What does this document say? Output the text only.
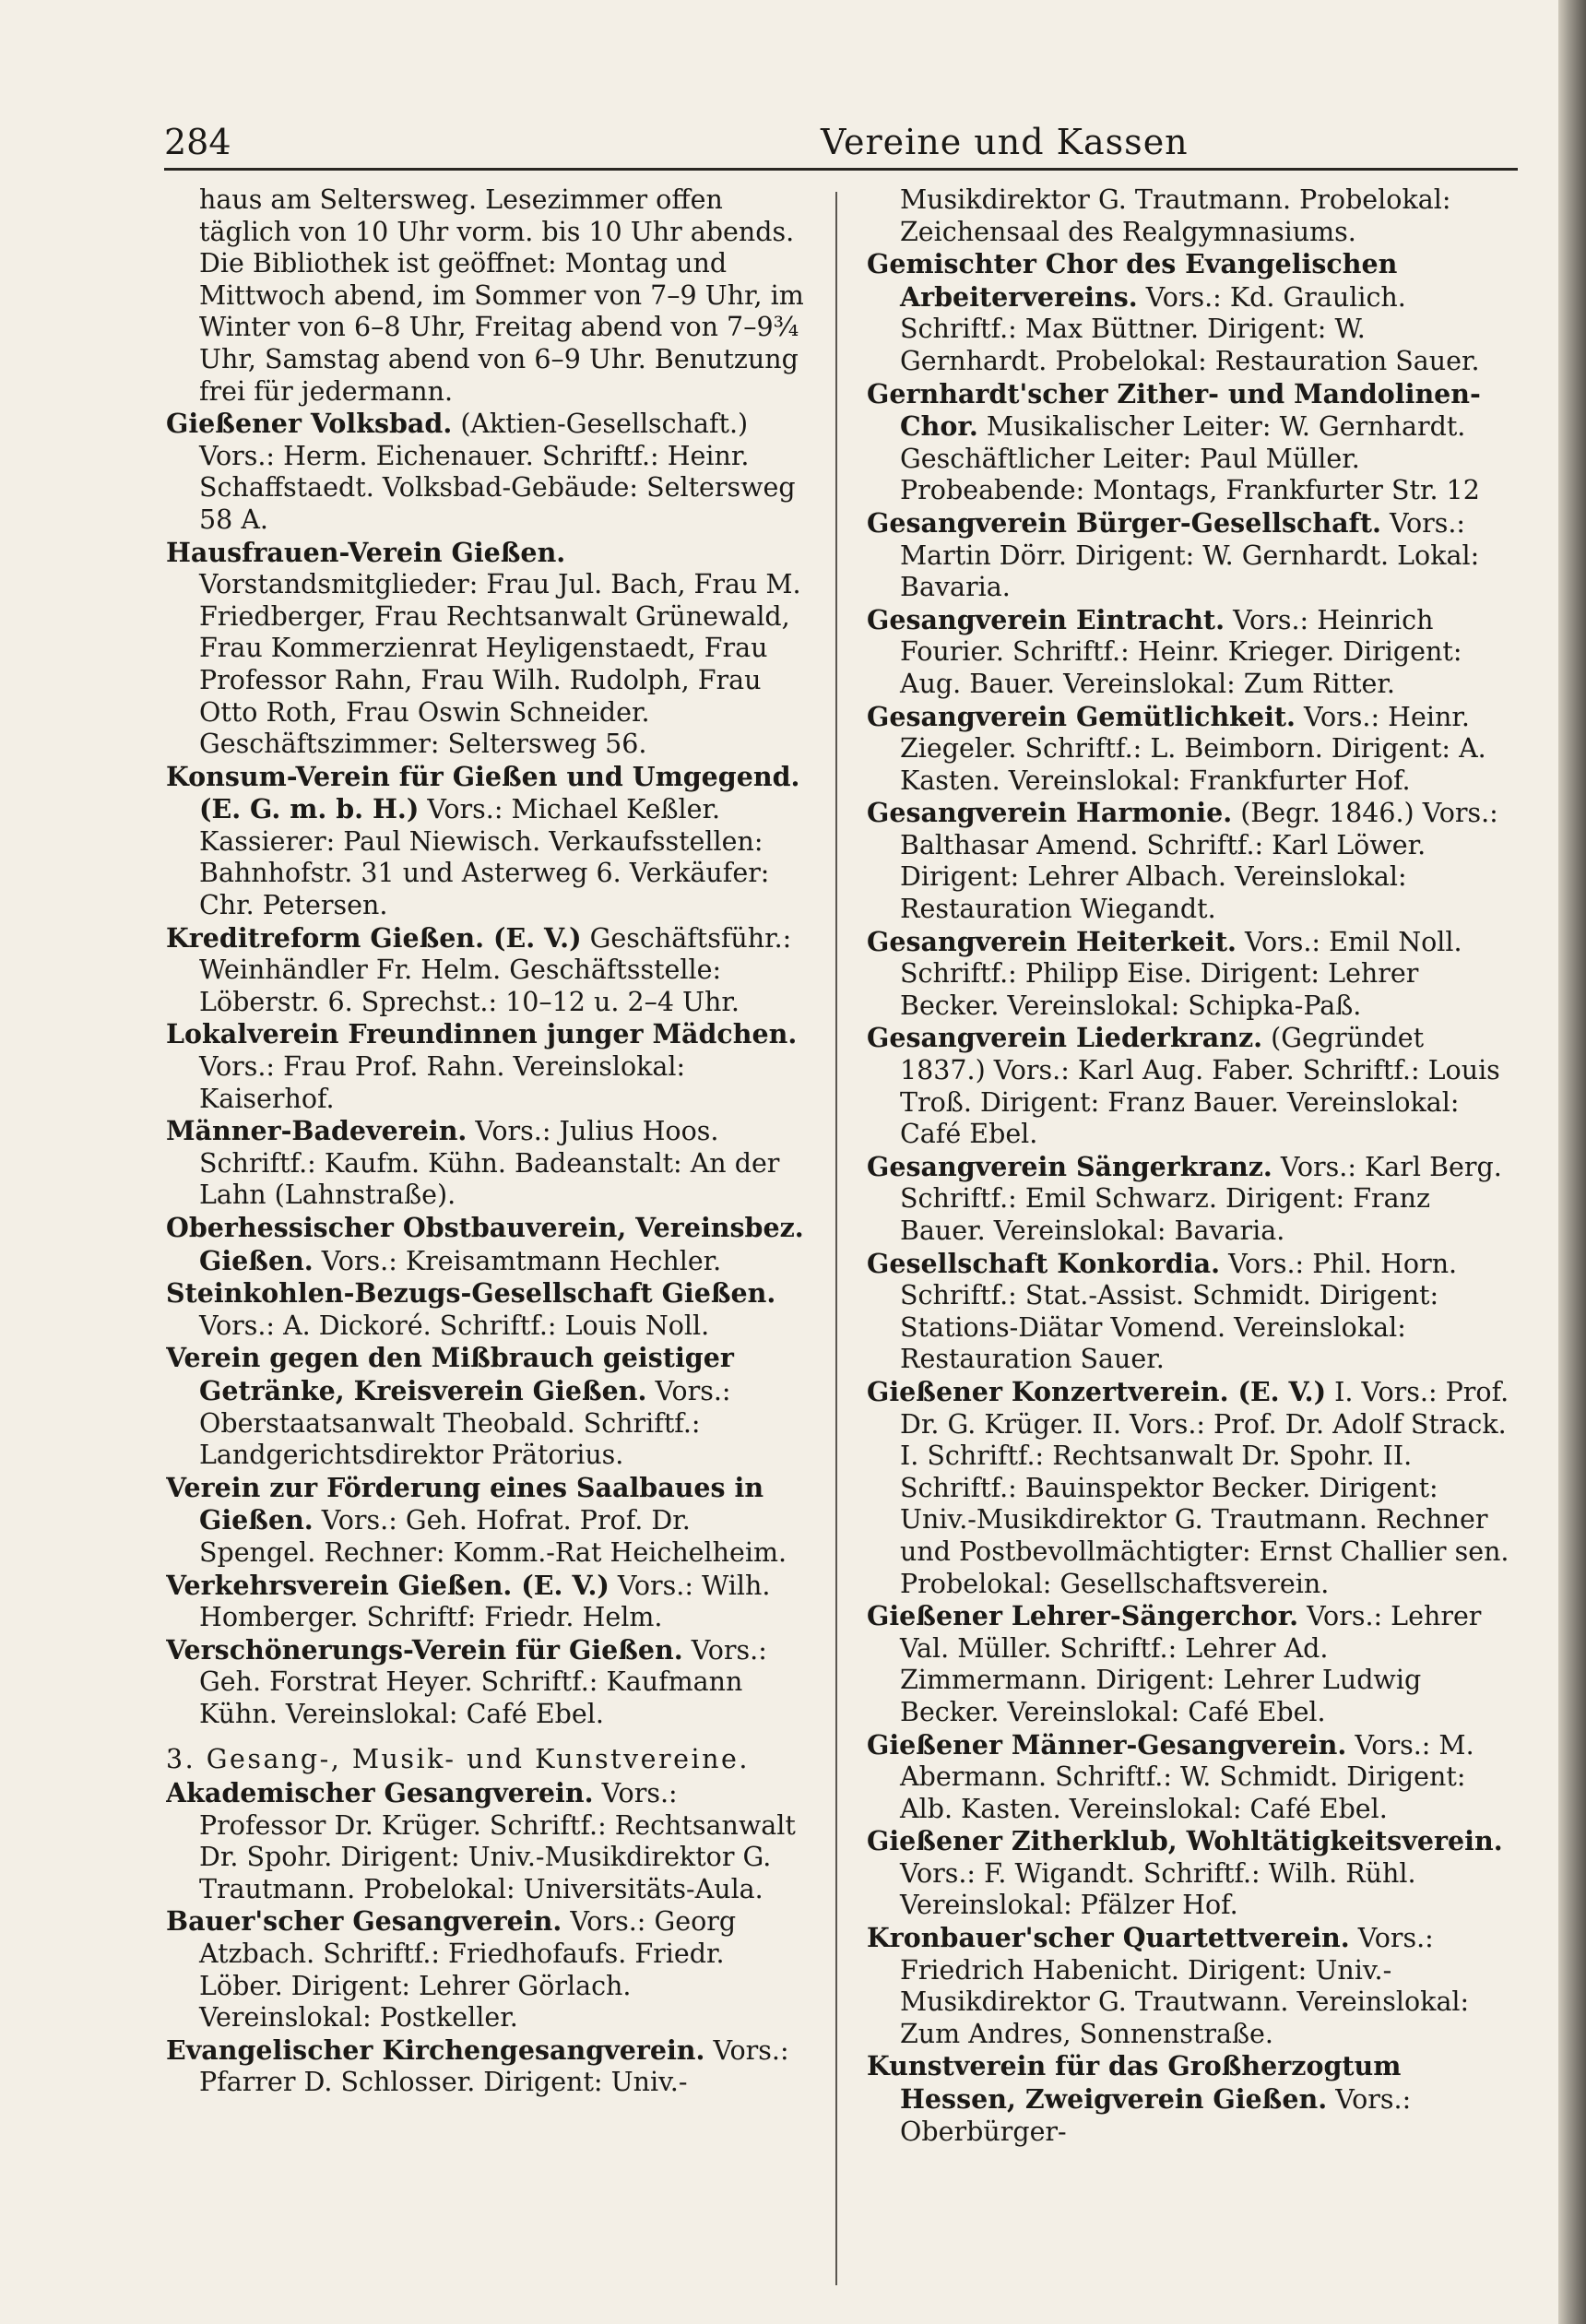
284	Vereine und Kassen

haus am Seltersweg. Lesezimmer offen täglich von 10 Uhr vorm. bis 10 Uhr abends. Die Bibliothek ist geöffnet: Montag und Mittwoch abend, im Sommer von 7–9 Uhr, im Winter von 6–8 Uhr, Freitag abend von 7–9¾ Uhr, Samstag abend von 6–9 Uhr. Benutzung frei für jedermann.

Gießener Volksbad. (Aktien-Gesellschaft.) Vors.: Herm. Eichenauer. Schriftf.: Heinr. Schaffstaedt. Volksbad-Gebäude: Seltersweg 58 A.

Hausfrauen-Verein Gießen. Vorstandsmitglieder: Frau Jul. Bach, Frau M. Friedberger, Frau Rechtsanwalt Grünewald, Frau Kommerzienrat Heyligenstaedt, Frau Professor Rahn, Frau Wilh. Rudolph, Frau Otto Roth, Frau Oswin Schneider. Geschäftszimmer: Seltersweg 56.

Konsum-Verein für Gießen und Umgegend. (E. G. m. b. H.) Vors.: Michael Keßler. Kassierer: Paul Niewisch. Verkaufsstellen: Bahnhofstr. 31 und Asterweg 6. Verkäufer: Chr. Petersen.

Kreditreform Gießen. (E. V.) Geschäftsführ.: Weinhändler Fr. Helm. Geschäftsstelle: Löberstr. 6. Sprechst.: 10–12 u. 2–4 Uhr.

Lokalverein Freundinnen junger Mädchen. Vors.: Frau Prof. Rahn. Vereinslokal: Kaiserhof.

Männer-Badeverein. Vors.: Julius Hoos. Schriftf.: Kaufm. Kühn. Badeanstalt: An der Lahn (Lahnstraße).

Oberhessischer Obstbauverein, Vereinsbez. Gießen. Vors.: Kreisamtmann Hechler.

Steinkohlen-Bezugs-Gesellschaft Gießen. Vors.: A. Dickoré. Schriftf.: Louis Noll.

Verein gegen den Mißbrauch geistiger Getränke, Kreisverein Gießen. Vors.: Oberstaatsanwalt Theobald. Schriftf.: Landgerichtsdirektor Prätorius.

Verein zur Förderung eines Saalbaues in Gießen. Vors.: Geh. Hofrat. Prof. Dr. Spengel. Rechner: Komm.-Rat Heichelheim.

Verkehrsverein Gießen. (E. V.) Vors.: Wilh. Homberger. Schriftf: Friedr. Helm.

Verschönerungs-Verein für Gießen. Vors.: Geh. Forstrat Heyer. Schriftf.: Kaufmann Kühn. Vereinslokal: Café Ebel.

3. Gesang-, Musik- und Kunstvereine.

Akademischer Gesangverein. Vors.: Professor Dr. Krüger. Schriftf.: Rechtsanwalt Dr. Spohr. Dirigent: Univ.-Musikdirektor G. Trautmann. Probelokal: Universitäts-Aula.

Bauer'scher Gesangverein. Vors.: Georg Atzbach. Schriftf.: Friedhofaufs. Friedr. Löber. Dirigent: Lehrer Görlach. Vereinslokal: Postkeller.

Evangelischer Kirchengesangverein. Vors.: Pfarrer D. Schlosser. Dirigent: Univ.-

Musikdirektor G. Trautmann. Probelokal: Zeichensaal des Realgymnasiums.

Gemischter Chor des Evangelischen Arbeitervereins. Vors.: Kd. Graulich. Schriftf.: Max Büttner. Dirigent: W. Gernhardt. Probelokal: Restauration Sauer.

Gernhardt'scher Zither- und Mandolinen-Chor. Musikalischer Leiter: W. Gernhardt. Geschäftlicher Leiter: Paul Müller. Probeabende: Montags, Frankfurter Str. 12

Gesangverein Bürger-Gesellschaft. Vors.: Martin Dörr. Dirigent: W. Gernhardt. Lokal: Bavaria.

Gesangverein Eintracht. Vors.: Heinrich Fourier. Schriftf.: Heinr. Krieger. Dirigent: Aug. Bauer. Vereinslokal: Zum Ritter.

Gesangverein Gemütlichkeit. Vors.: Heinr. Ziegeler. Schriftf.: L. Beimborn. Dirigent: A. Kasten. Vereinslokal: Frankfurter Hof.

Gesangverein Harmonie. (Begr. 1846.) Vors.: Balthasar Amend. Schriftf.: Karl Löwer. Dirigent: Lehrer Albach. Vereinslokal: Restauration Wiegandt.

Gesangverein Heiterkeit. Vors.: Emil Noll. Schriftf.: Philipp Eise. Dirigent: Lehrer Becker. Vereinslokal: Schipka-Paß.

Gesangverein Liederkranz. (Gegründet 1837.) Vors.: Karl Aug. Faber. Schriftf.: Louis Troß. Dirigent: Franz Bauer. Vereinslokal: Café Ebel.

Gesangverein Sängerkranz. Vors.: Karl Berg. Schriftf.: Emil Schwarz. Dirigent: Franz Bauer. Vereinslokal: Bavaria.

Gesellschaft Konkordia. Vors.: Phil. Horn. Schriftf.: Stat.-Assist. Schmidt. Dirigent: Stations-Diätar Vomend. Vereinslokal: Restauration Sauer.

Gießener Konzertverein. (E. V.) I. Vors.: Prof. Dr. G. Krüger. II. Vors.: Prof. Dr. Adolf Strack. I. Schriftf.: Rechtsanwalt Dr. Spohr. II. Schriftf.: Bauinspektor Becker. Dirigent: Univ.-Musikdirektor G. Trautmann. Rechner und Postbevollmächtigter: Ernst Challier sen. Probelokal: Gesellschaftsverein.

Gießener Lehrer-Sängerchor. Vors.: Lehrer Val. Müller. Schriftf.: Lehrer Ad. Zimmermann. Dirigent: Lehrer Ludwig Becker. Vereinslokal: Café Ebel.

Gießener Männer-Gesangverein. Vors.: M. Abermann. Schriftf.: W. Schmidt. Dirigent: Alb. Kasten. Vereinslokal: Café Ebel.

Gießener Zitherklub, Wohltätigkeitsverein. Vors.: F. Wigandt. Schriftf.: Wilh. Rühl. Vereinslokal: Pfälzer Hof.

Kronbauer'scher Quartettverein. Vors.: Friedrich Habenicht. Dirigent: Univ.-Musikdirektor G. Trautwann. Vereinslokal: Zum Andres, Sonnenstraße.

Kunstverein für das Großherzogtum Hessen, Zweigverein Gießen. Vors.: Oberbürger-
